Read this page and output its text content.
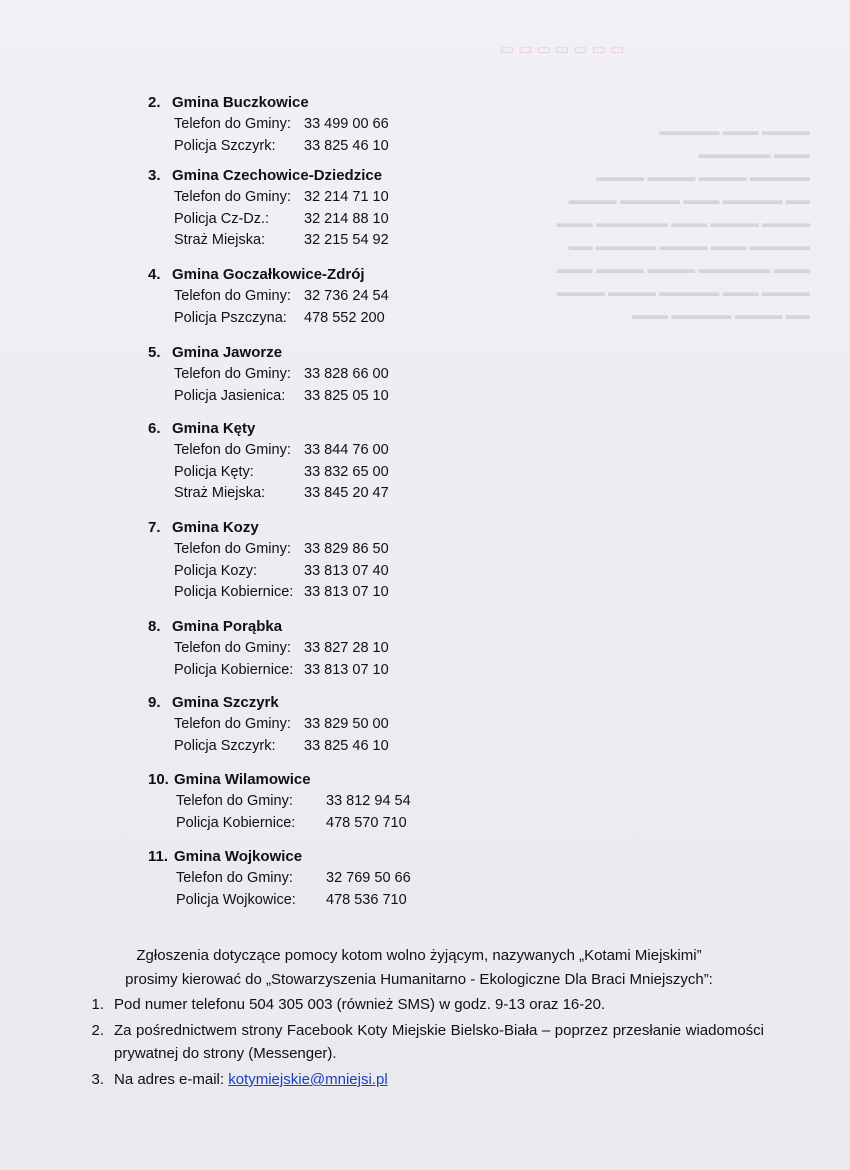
▭ ▭ ▭ ▭ ▭ ▭ ▭
▬▬▬▬ ▬▬▬ ▬▬▬▬▬
▬▬▬ ▬▬▬▬▬▬
▬▬▬▬▬ ▬▬▬▬ ▬▬▬▬ ▬▬▬▬
▬▬ ▬▬▬▬▬ ▬▬▬ ▬▬▬▬▬ ▬▬▬▬
▬▬▬▬ ▬▬▬▬ ▬▬▬ ▬▬▬▬▬▬ ▬▬▬
▬▬▬▬▬ ▬▬▬ ▬▬▬▬ ▬▬▬▬▬ ▬▬
▬▬▬ ▬▬▬▬▬▬ ▬▬▬▬ ▬▬▬▬ ▬▬▬
▬▬▬▬ ▬▬▬ ▬▬▬▬▬ ▬▬▬▬ ▬▬▬▬
▬▬ ▬▬▬▬ ▬▬▬▬▬ ▬▬▬
2. Gmina Buczkowice
Telefon do Gminy: 33 499 00 66
Policja Szczyrk: 33 825 46 10
3. Gmina Czechowice-Dziedzice
Telefon do Gminy: 32 214 71 10
Policja Cz-Dz.: 32 214 88 10
Straż Miejska:	32 215 54 92
4. Gmina Goczałkowice-Zdrój
Telefon do Gminy: 32 736 24 54
Policja Pszczyna: 478 552 200
5. Gmina Jaworze
Telefon do Gminy: 33 828 66 00
Policja Jasienica: 33 825 05 10
6. Gmina Kęty
Telefon do Gminy: 33 844 76 00
Policja Kęty:	33 832 65 00
Straż Miejska:	33 845 20 47
7. Gmina Kozy
Telefon do Gminy: 33 829 86 50
Policja Kozy:	33 813 07 40
Policja Kobiernice: 33 813 07 10
8. Gmina Porąbka
Telefon do Gminy: 33 827 28 10
Policja Kobiernice: 33 813 07 10
9. Gmina Szczyrk
Telefon do Gminy: 33 829 50 00
Policja Szczyrk: 33 825 46 10
10. Gmina Wilamowice
Telefon do Gminy: 33 812 94 54
Policja Kobiernice: 478 570 710
11. Gmina Wojkowice
Telefon do Gminy: 32 769 50 66
Policja Wojkowice: 478 536 710
Zgłoszenia dotyczące pomocy kotom wolno żyjącym, nazywanych „Kotami Miejskimi”
prosimy kierować do „Stowarzyszenia Humanitarno - Ekologiczne Dla Braci Mniejszych”:
1. Pod numer telefonu 504 305 003 (również SMS) w godz. 9-13 oraz 16-20.
2. Za pośrednictwem strony Facebook Koty Miejskie Bielsko-Biała – poprzez przesłanie wiadomości prywatnej do strony (Messenger).
3. Na adres e-mail: kotymiejskie@mniejsi.pl
